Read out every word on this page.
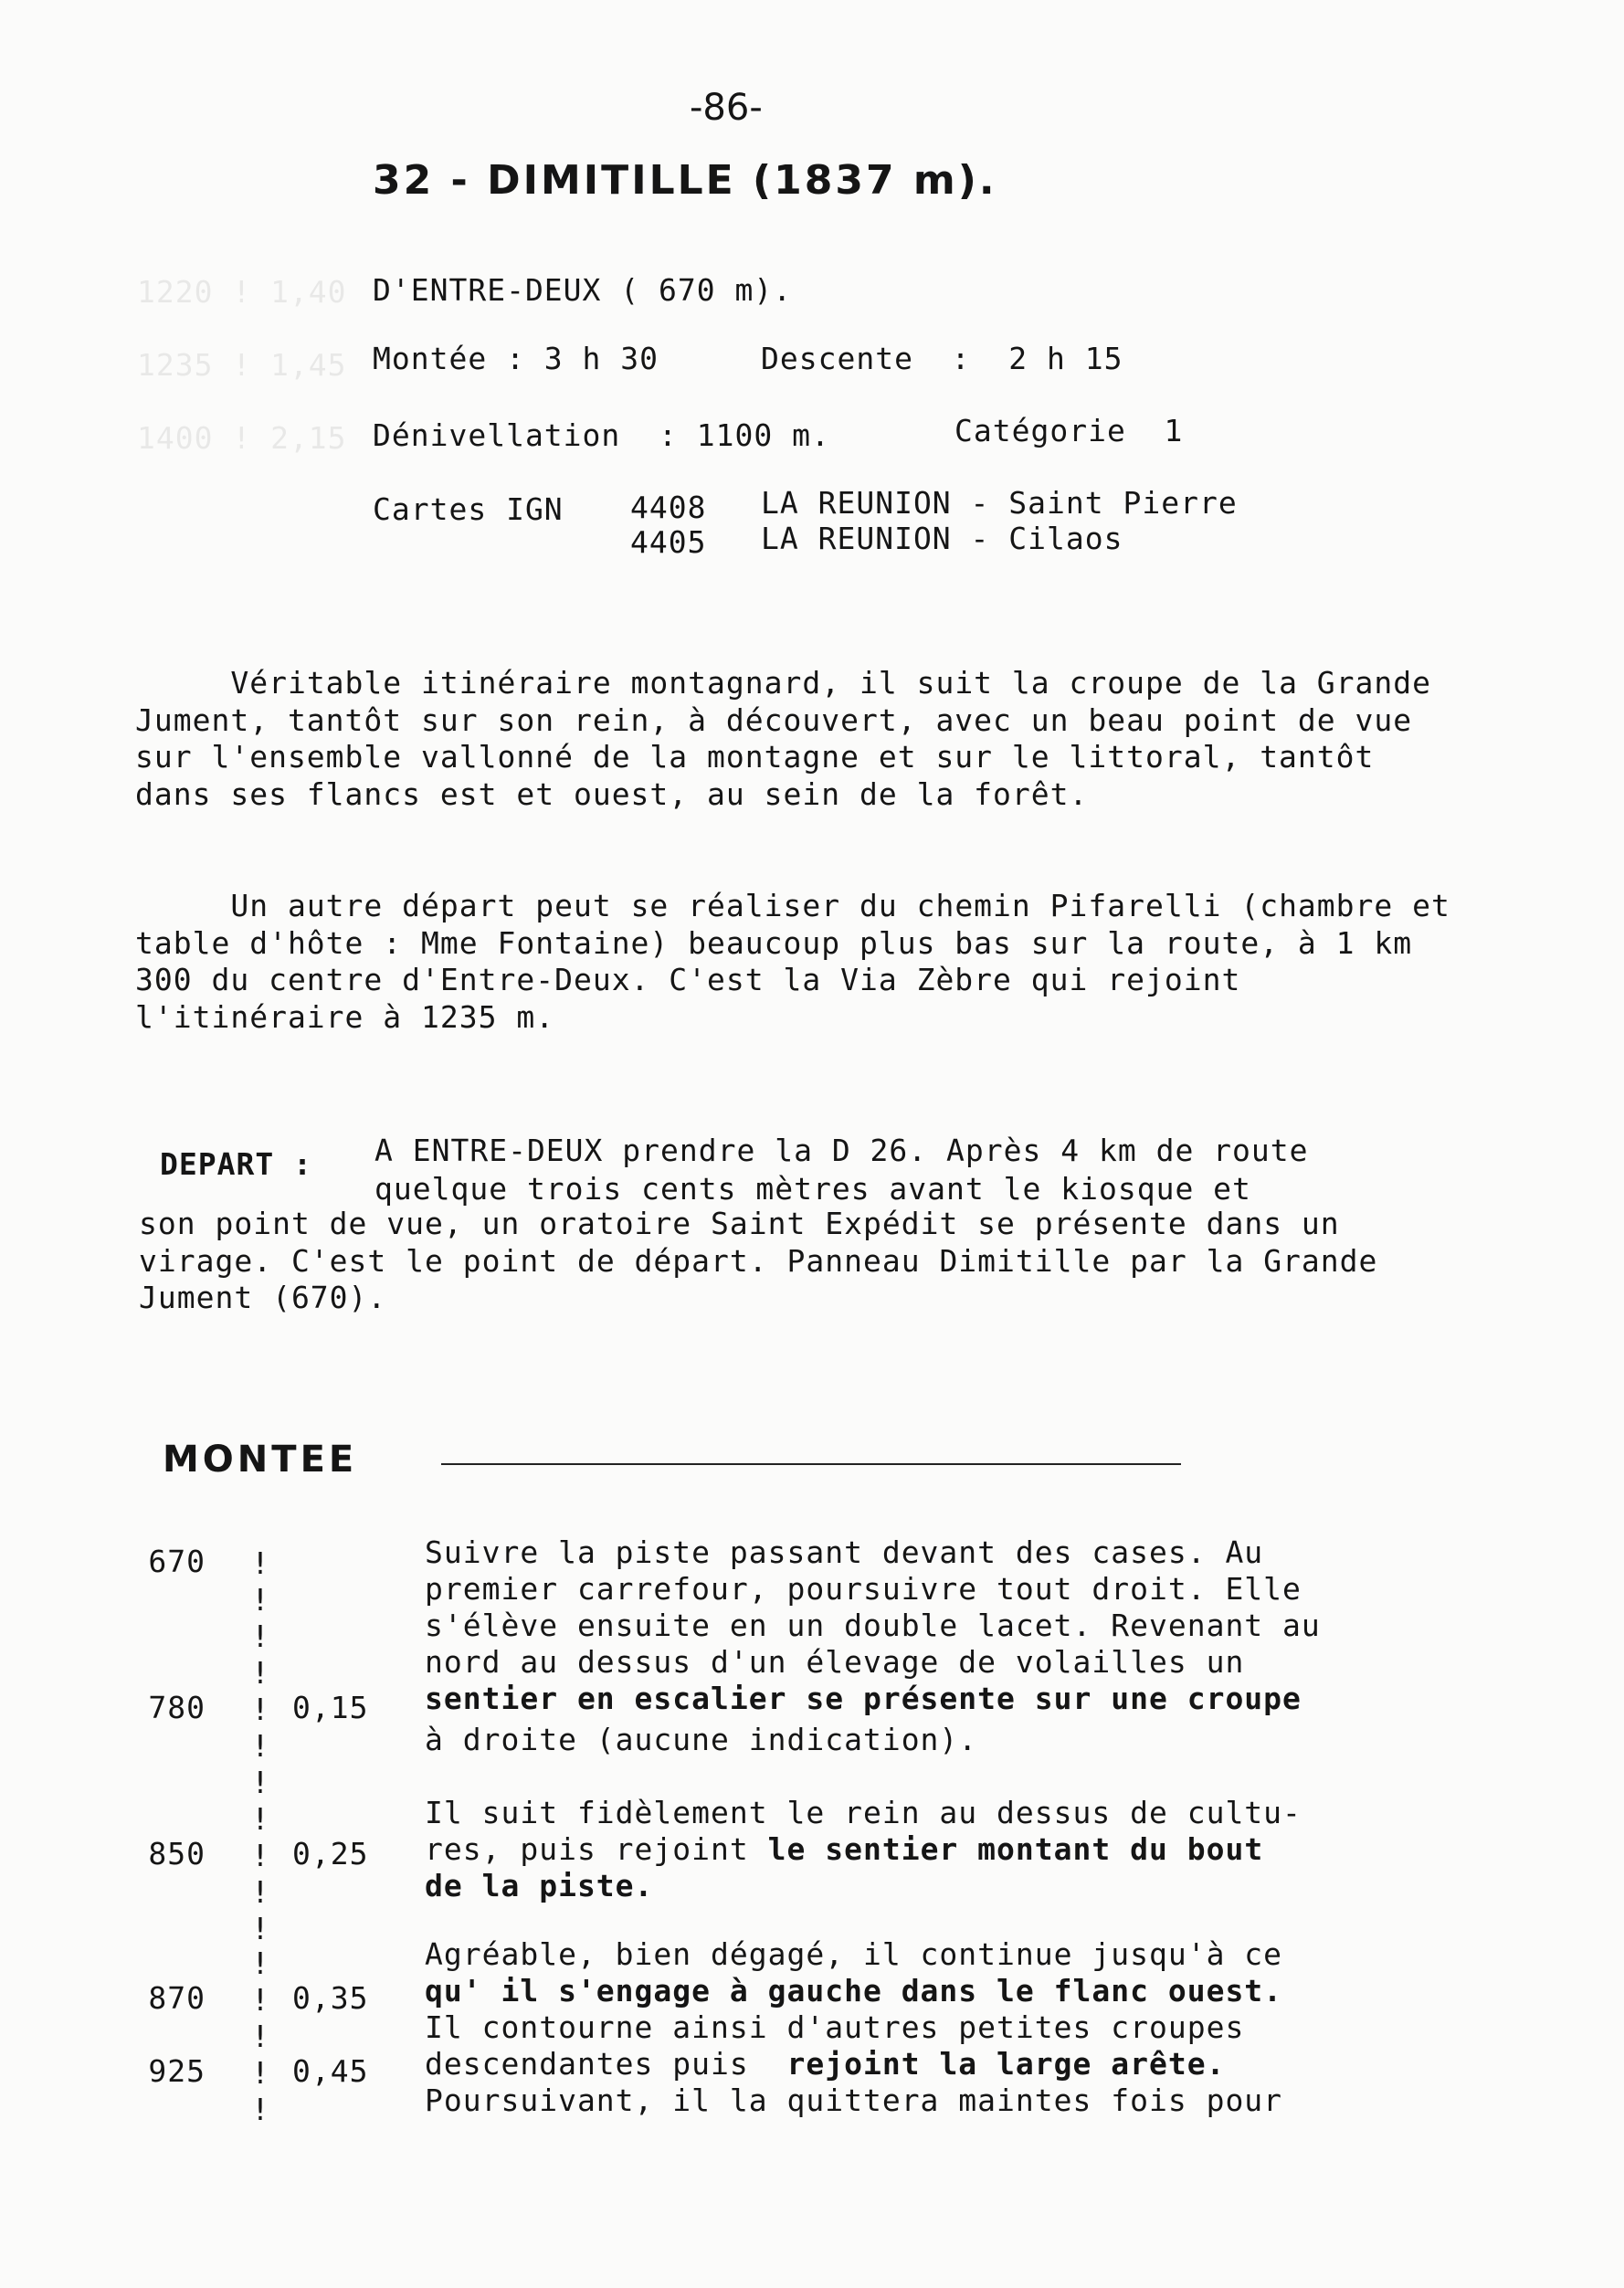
1220 ! 1,40

1235 ! 1,45

1400 ! 2,15
-86-
32 - DIMITILLE (1837 m).
D'ENTRE-DEUX ( 670 m).
Montée : 3 h 30	Descente  :  2 h 15
Dénivellation  : 1100 m.	Catégorie  1
Cartes IGN 4408 LA REUNION - Saint Pierre
4405 LA REUNION - Cilaos
Véritable itinéraire montagnard, il suit la croupe de la Grande Jument, tantôt sur son rein, à découvert, avec un beau point de vue sur l'ensemble vallonné de la montagne et sur le littoral, tantôt dans ses flancs est et ouest, au sein de la forêt.
Un autre départ peut se réaliser du chemin Pifarelli (chambre et table d'hôte : Mme Fontaine) beaucoup plus bas sur la route, à 1 km 300 du centre d'Entre-Deux. C'est la Via Zèbre qui rejoint l'itinéraire à 1235 m.
DEPART : A ENTRE-DEUX prendre la D 26. Après 4 km de route
quelque trois cents mètres avant le kiosque et
son point de vue, un oratoire Saint Expédit se présente dans un virage. C'est le point de départ. Panneau Dimitille par la Grande Jument (670).
MONTEE
670
780
850
870
925
!
!
!
!
!
!
!
!
!
!
!
!
!
!
!
!
0,15
0,25
0,35
0,45
Suivre la piste passant devant des cases. Au
premier carrefour, poursuivre tout droit. Elle
s'élève ensuite en un double lacet. Revenant au
nord au dessus d'un élevage de volailles un
sentier en escalier se présente sur une croupe
à droite (aucune indication).
Il suit fidèlement le rein au dessus de cultu-
res, puis rejoint le sentier montant du bout
de la piste.
Agréable, bien dégagé, il continue jusqu'à ce
qu' il s'engage à gauche dans le flanc ouest.
Il contourne ainsi d'autres petites croupes
descendantes puis  rejoint la large arête.
Poursuivant, il la quittera maintes fois pour
